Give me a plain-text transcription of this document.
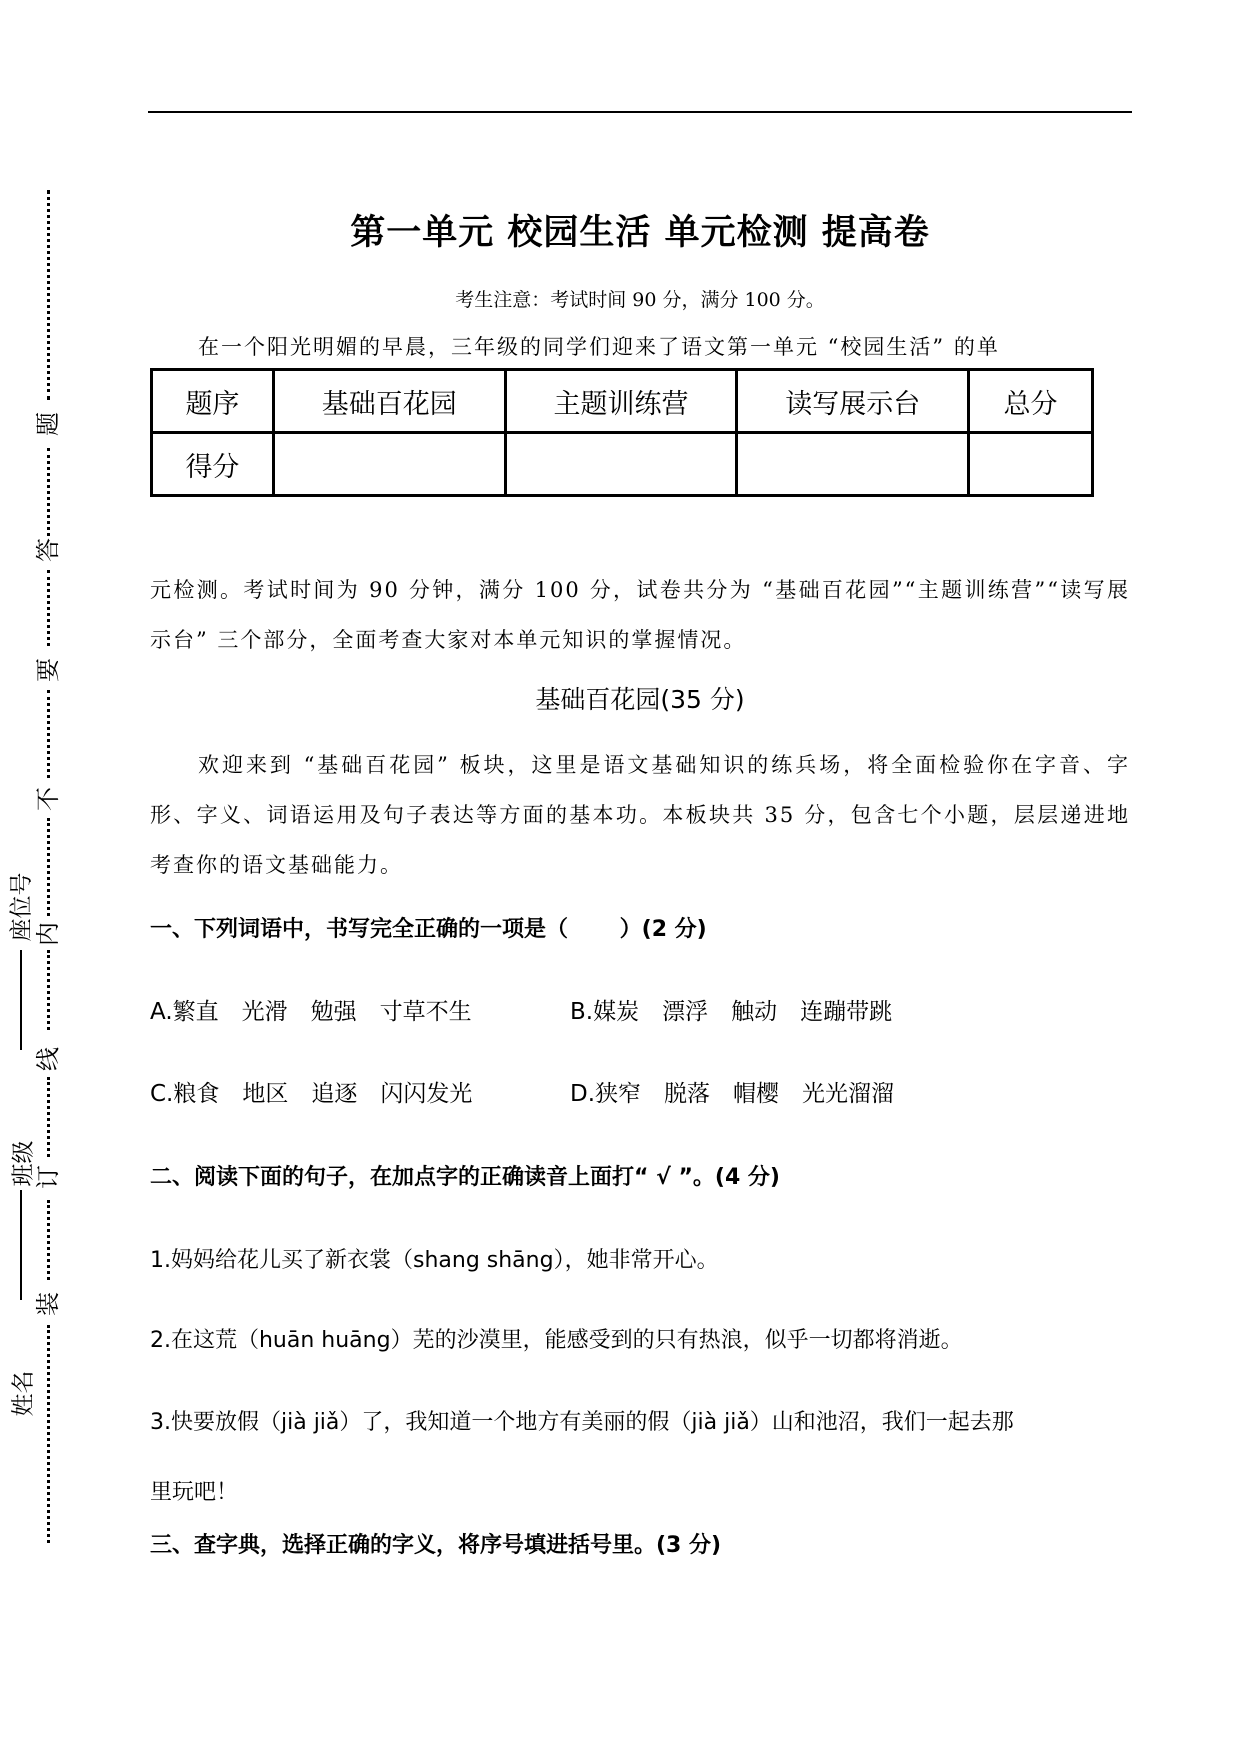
题
答
要
不
内
线
订
装
座位号
班级
姓名
第一单元 校园生活 单元检测 提高卷
考生注意：考试时间 90 分，满分 100 分。
在一个阳光明媚的早晨，三年级的同学们迎来了语文第一单元 “校园生活” 的单
题序	基础百花园	主题训练营	读写展示台	总分
得分				
元检测。考试时间为 90 分钟，满分 100 分，试卷共分为 “基础百花园”“主题训练营”“读写展示台” 三个部分，全面考查大家对本单元知识的掌握情况。
基础百花园(35 分)
欢迎来到 “基础百花园” 板块，这里是语文基础知识的练兵场，将全面检验你在字音、字形、字义、词语运用及句子表达等方面的基本功。本板块共 35 分，包含七个小题，层层递进地考查你的语文基础能力。
一、下列词语中，书写完全正确的一项是（　　 ）(2 分)
A.繁直　光滑　勉强　寸草不生	B.媒炭　漂浮　触动　连蹦带跳
C.粮食　地区　追逐　闪闪发光	D.狭窄　脱落　帽樱　光光溜溜
二、阅读下面的句子，在加点字的正确读音上面打“ √ ”。(4 分)
1.妈妈给花儿买了新衣裳（shang shāng），她非常开心。
2.在这荒（huān huāng）芜的沙漠里，能感受到的只有热浪，似乎一切都将消逝。
3.快要放假（jià jiǎ）了，我知道一个地方有美丽的假（jià jiǎ）山和池沼，我们一起去那
里玩吧！
三、查字典，选择正确的字义，将序号填进括号里。(3 分)
